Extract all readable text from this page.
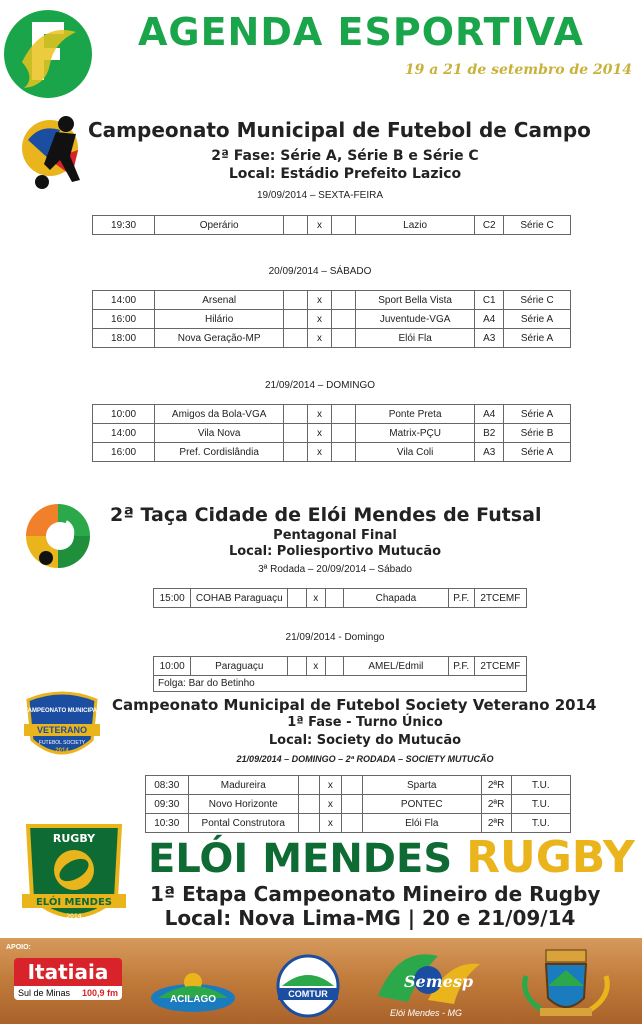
AGENDA ESPORTIVA
19 a 21 de setembro de 2014
Campeonato Municipal de Futebol de Campo
2ª Fase: Série A, Série B e Série C
Local: Estádio Prefeito Lazico
19/09/2014 – SEXTA-FEIRA
19:30	Operário		x		Lazio	C2	Série C
20/09/2014 – SÁBADO
14:00	Arsenal		x		Sport Bella Vista	C1	Série C
16:00	Hilário		x		Juventude-VGA	A4	Série A
18:00	Nova Geração-MP		x		Elói Fla	A3	Série A
21/09/2014 – DOMINGO
10:00	Amigos da Bola-VGA		x		Ponte Preta	A4	Série A
14:00	Vila Nova		x		Matrix-PÇU	B2	Série B
16:00	Pref. Cordislândia		x		Vila Coli	A3	Série A
2ª Taça Cidade de Elói Mendes de Futsal
Pentagonal Final
Local: Poliesportivo Mutucão
3ª Rodada – 20/09/2014 – Sábado
15:00	COHAB Paraguaçu		x		Chapada	P.F.	2TCEMF
21/09/2014 - Domingo
10:00	Paraguaçu		x		AMEL/Edmil	P.F.	2TCEMF
Folga: Bar do Betinho
CAMPEONATO MUNICIPAL
VETERANO
FUTEBOL SOCIETY
2014
Campeonato Municipal de Futebol Society Veterano 2014
1ª Fase - Turno Único
Local: Society do Mutucão
21/09/2014 – DOMINGO – 2ª RODADA – SOCIETY MUTUCÃO
08:30	Madureira		x		Sparta	2ªR	T.U.
09:30	Novo Horizonte		x		PONTEC	2ªR	T.U.
10:30	Pontal Construtora		x		Elói Fla	2ªR	T.U.
RUGBY
ELÓI MENDES
2014
ELÓI MENDES RUGBY
1ª Etapa Campeonato Mineiro de Rugby
Local: Nova Lima-MG | 20 e 21/09/14
APOIO:
Itatiaia
Sul de Minas 100,9 fm
ACILAGO	COMTUR
Semesp
Elói Mendes - MG
